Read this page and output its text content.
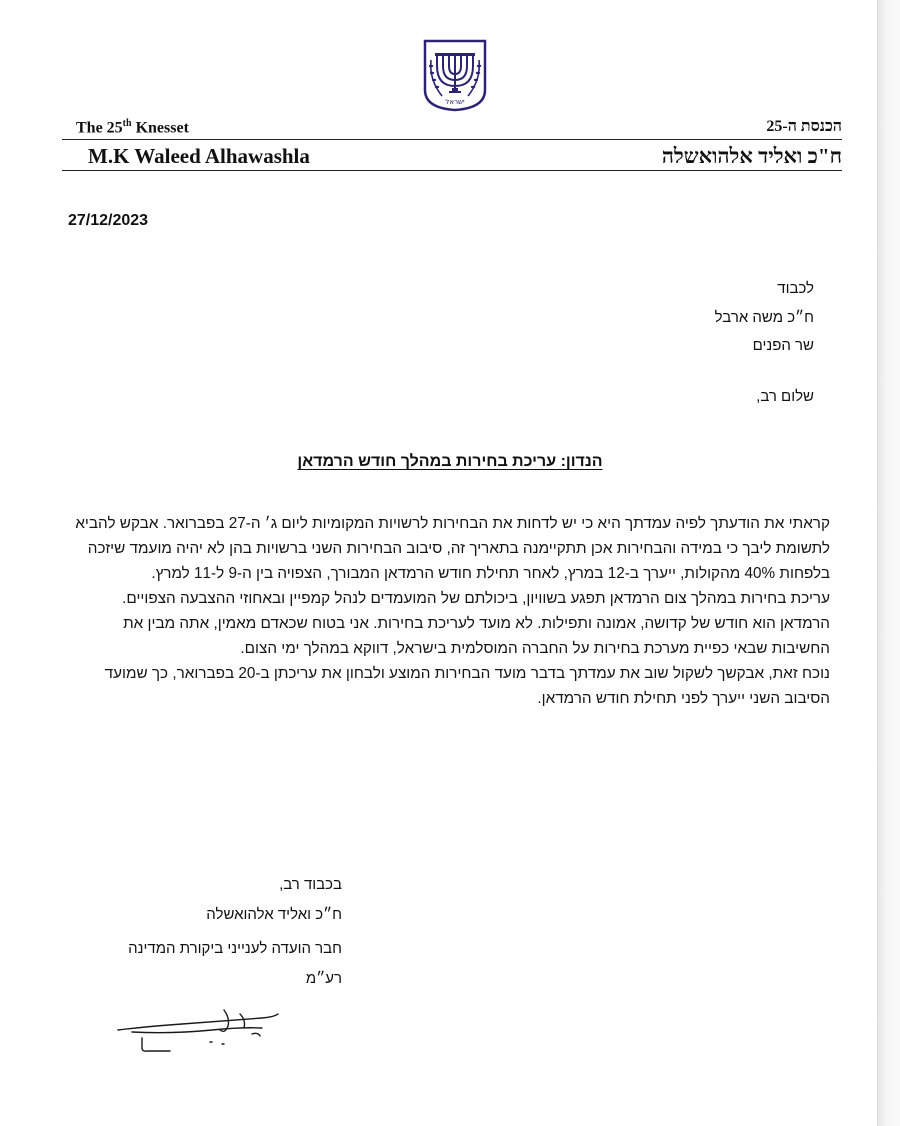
ישראל
The 25th Knesset	הכנסת ה-25
M.K Waleed Alhawashla	ח"כ ואליד אלהואשלה
27/12/2023
לכבוד
ח״כ משה ארבל
שר הפנים
שלום רב,
הנדון: עריכת בחירות במהלך חודש הרמדאן

קראתי את הודעתך לפיה עמדתך היא כי יש לדחות את הבחירות לרשויות המקומיות ליום ג׳ ה-27 בפברואר. אבקש להביא

לתשומת ליבך כי במידה והבחירות אכן תתקיימנה בתאריך זה, סיבוב הבחירות השני ברשויות בהן לא יהיה מועמד שיזכה

בלפחות 40% מהקולות, ייערך ב-12 במרץ, לאחר תחילת חודש הרמדאן המבורך, הצפויה בין ה-9 ל-11 למרץ.

עריכת בחירות במהלך צום הרמדאן תפגע בשוויון, ביכולתם של המועמדים לנהל קמפיין ובאחוזי ההצבעה הצפויים.

הרמדאן הוא חודש של קדושה, אמונה ותפילות. לא מועד לעריכת בחירות. אני בטוח שכאדם מאמין, אתה מבין את

החשיבות שבאי כפיית מערכת בחירות על החברה המוסלמית בישראל, דווקא במהלך ימי הצום.

נוכח זאת, אבקשך לשקול שוב את עמדתך בדבר מועד הבחירות המוצע ולבחון את עריכתן ב-20 בפברואר, כך שמועד

הסיבוב השני ייערך לפני תחילת חודש הרמדאן.

בכבוד רב,
ח״כ ואליד אלהואשלה
חבר הועדה לענייני ביקורת המדינה
רע״מ
